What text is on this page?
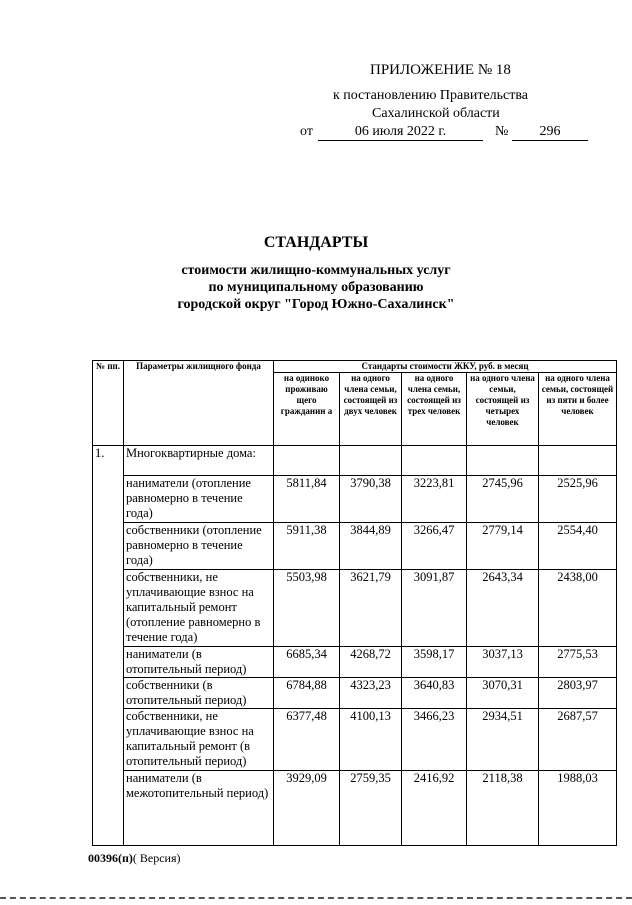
ПРИЛОЖЕНИЕ № 18
к постановлению Правительства
Сахалинской области
от	06 июля 2022 г.	№	296
СТАНДАРТЫ
стоимости жилищно-коммунальных услуг
по муниципальному образованию
городской округ "Город Южно-Сахалинск"
№ пп.	Параметры жилищного фонда	Стандарты стоимости ЖКУ, руб. в месяц				
		на одиноко проживаю щего гражданин а	на одного члена семьи, состоящей из двух человек	на одного члена семьи, состоящей из трех человек	на одного члена семьи, состоящей из четырех человек	на одного члена семьи, состоящей из пяти и более человек
1.	Многоквартирные дома:					
	наниматели (отопление равномерно в течение года)	5811,84	3790,38	3223,81	2745,96	2525,96
	собственники (отопление равномерно в течение года)	5911,38	3844,89	3266,47	2779,14	2554,40
	собственники, не уплачивающие взнос на капитальный ремонт (отопление равномерно в течение года)	5503,98	3621,79	3091,87	2643,34	2438,00
	наниматели (в отопительный период)	6685,34	4268,72	3598,17	3037,13	2775,53
	собственники (в отопительный период)	6784,88	4323,23	3640,83	3070,31	2803,97
	собственники, не уплачивающие взнос на капитальный ремонт (в отопительный период)	6377,48	4100,13	3466,23	2934,51	2687,57
	наниматели (в межотопительный период)	3929,09	2759,35	2416,92	2118,38	1988,03
00396(п)( Версия)
